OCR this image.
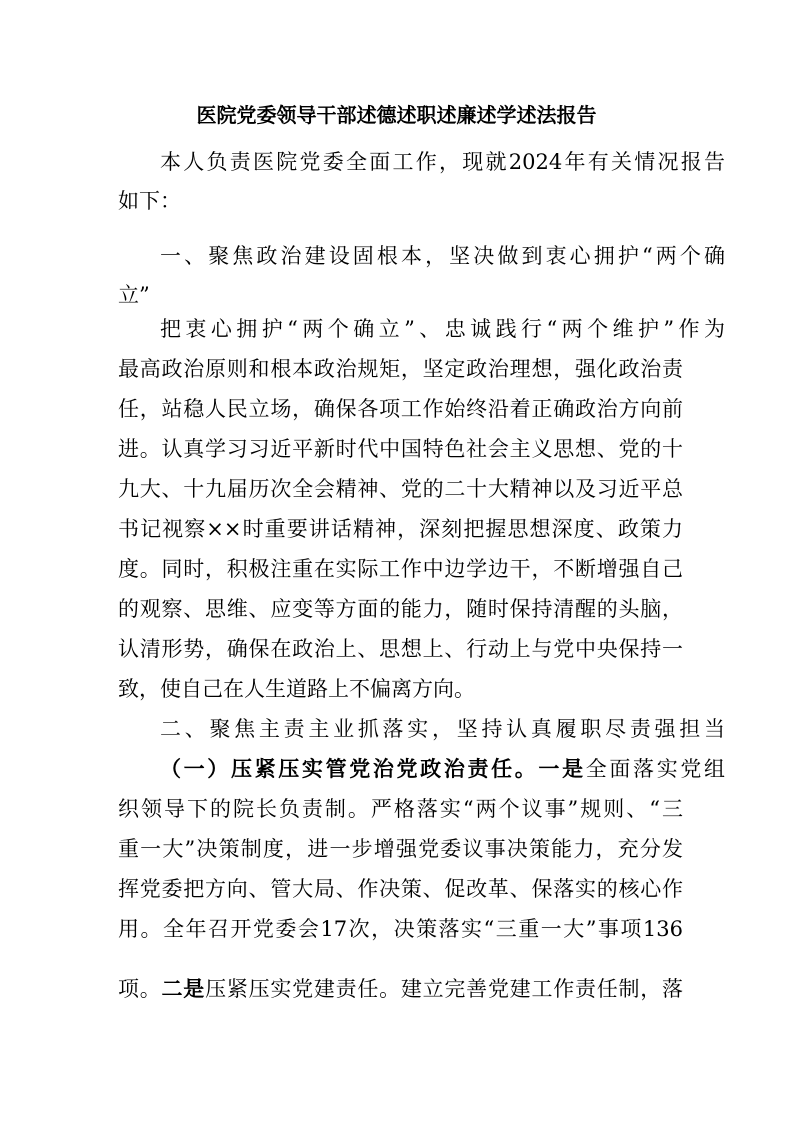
医院党委领导干部述德述职述廉述学述法报告

本人负责医院党委全面工作，现就2024年有关情况报告

如下：

一、聚焦政治建设固根本，坚决做到衷心拥护“两个确

立”

把衷心拥护“两个确立”、忠诚践行“两个维护”作为

最高政治原则和根本政治规矩，坚定政治理想，强化政治责

任，站稳人民立场，确保各项工作始终沿着正确政治方向前

进。认真学习习近平新时代中国特色社会主义思想、党的十

九大、十九届历次全会精神、党的二十大精神以及习近平总

书记视察××时重要讲话精神，深刻把握思想深度、政策力

度。同时，积极注重在实际工作中边学边干，不断增强自己

的观察、思维、应变等方面的能力，随时保持清醒的头脑，

认清形势，确保在政治上、思想上、行动上与党中央保持一

致，使自己在人生道路上不偏离方向。

二、聚焦主责主业抓落实，坚持认真履职尽责强担当

（一）压紧压实管党治党政治责任。一是全面落实党组

织领导下的院长负责制。严格落实“两个议事”规则、“三

重一大”决策制度，进一步增强党委议事决策能力，充分发

挥党委把方向、管大局、作决策、促改革、保落实的核心作

用。全年召开党委会17次，决策落实“三重一大”事项136

项。二是压紧压实党建责任。建立完善党建工作责任制，落
